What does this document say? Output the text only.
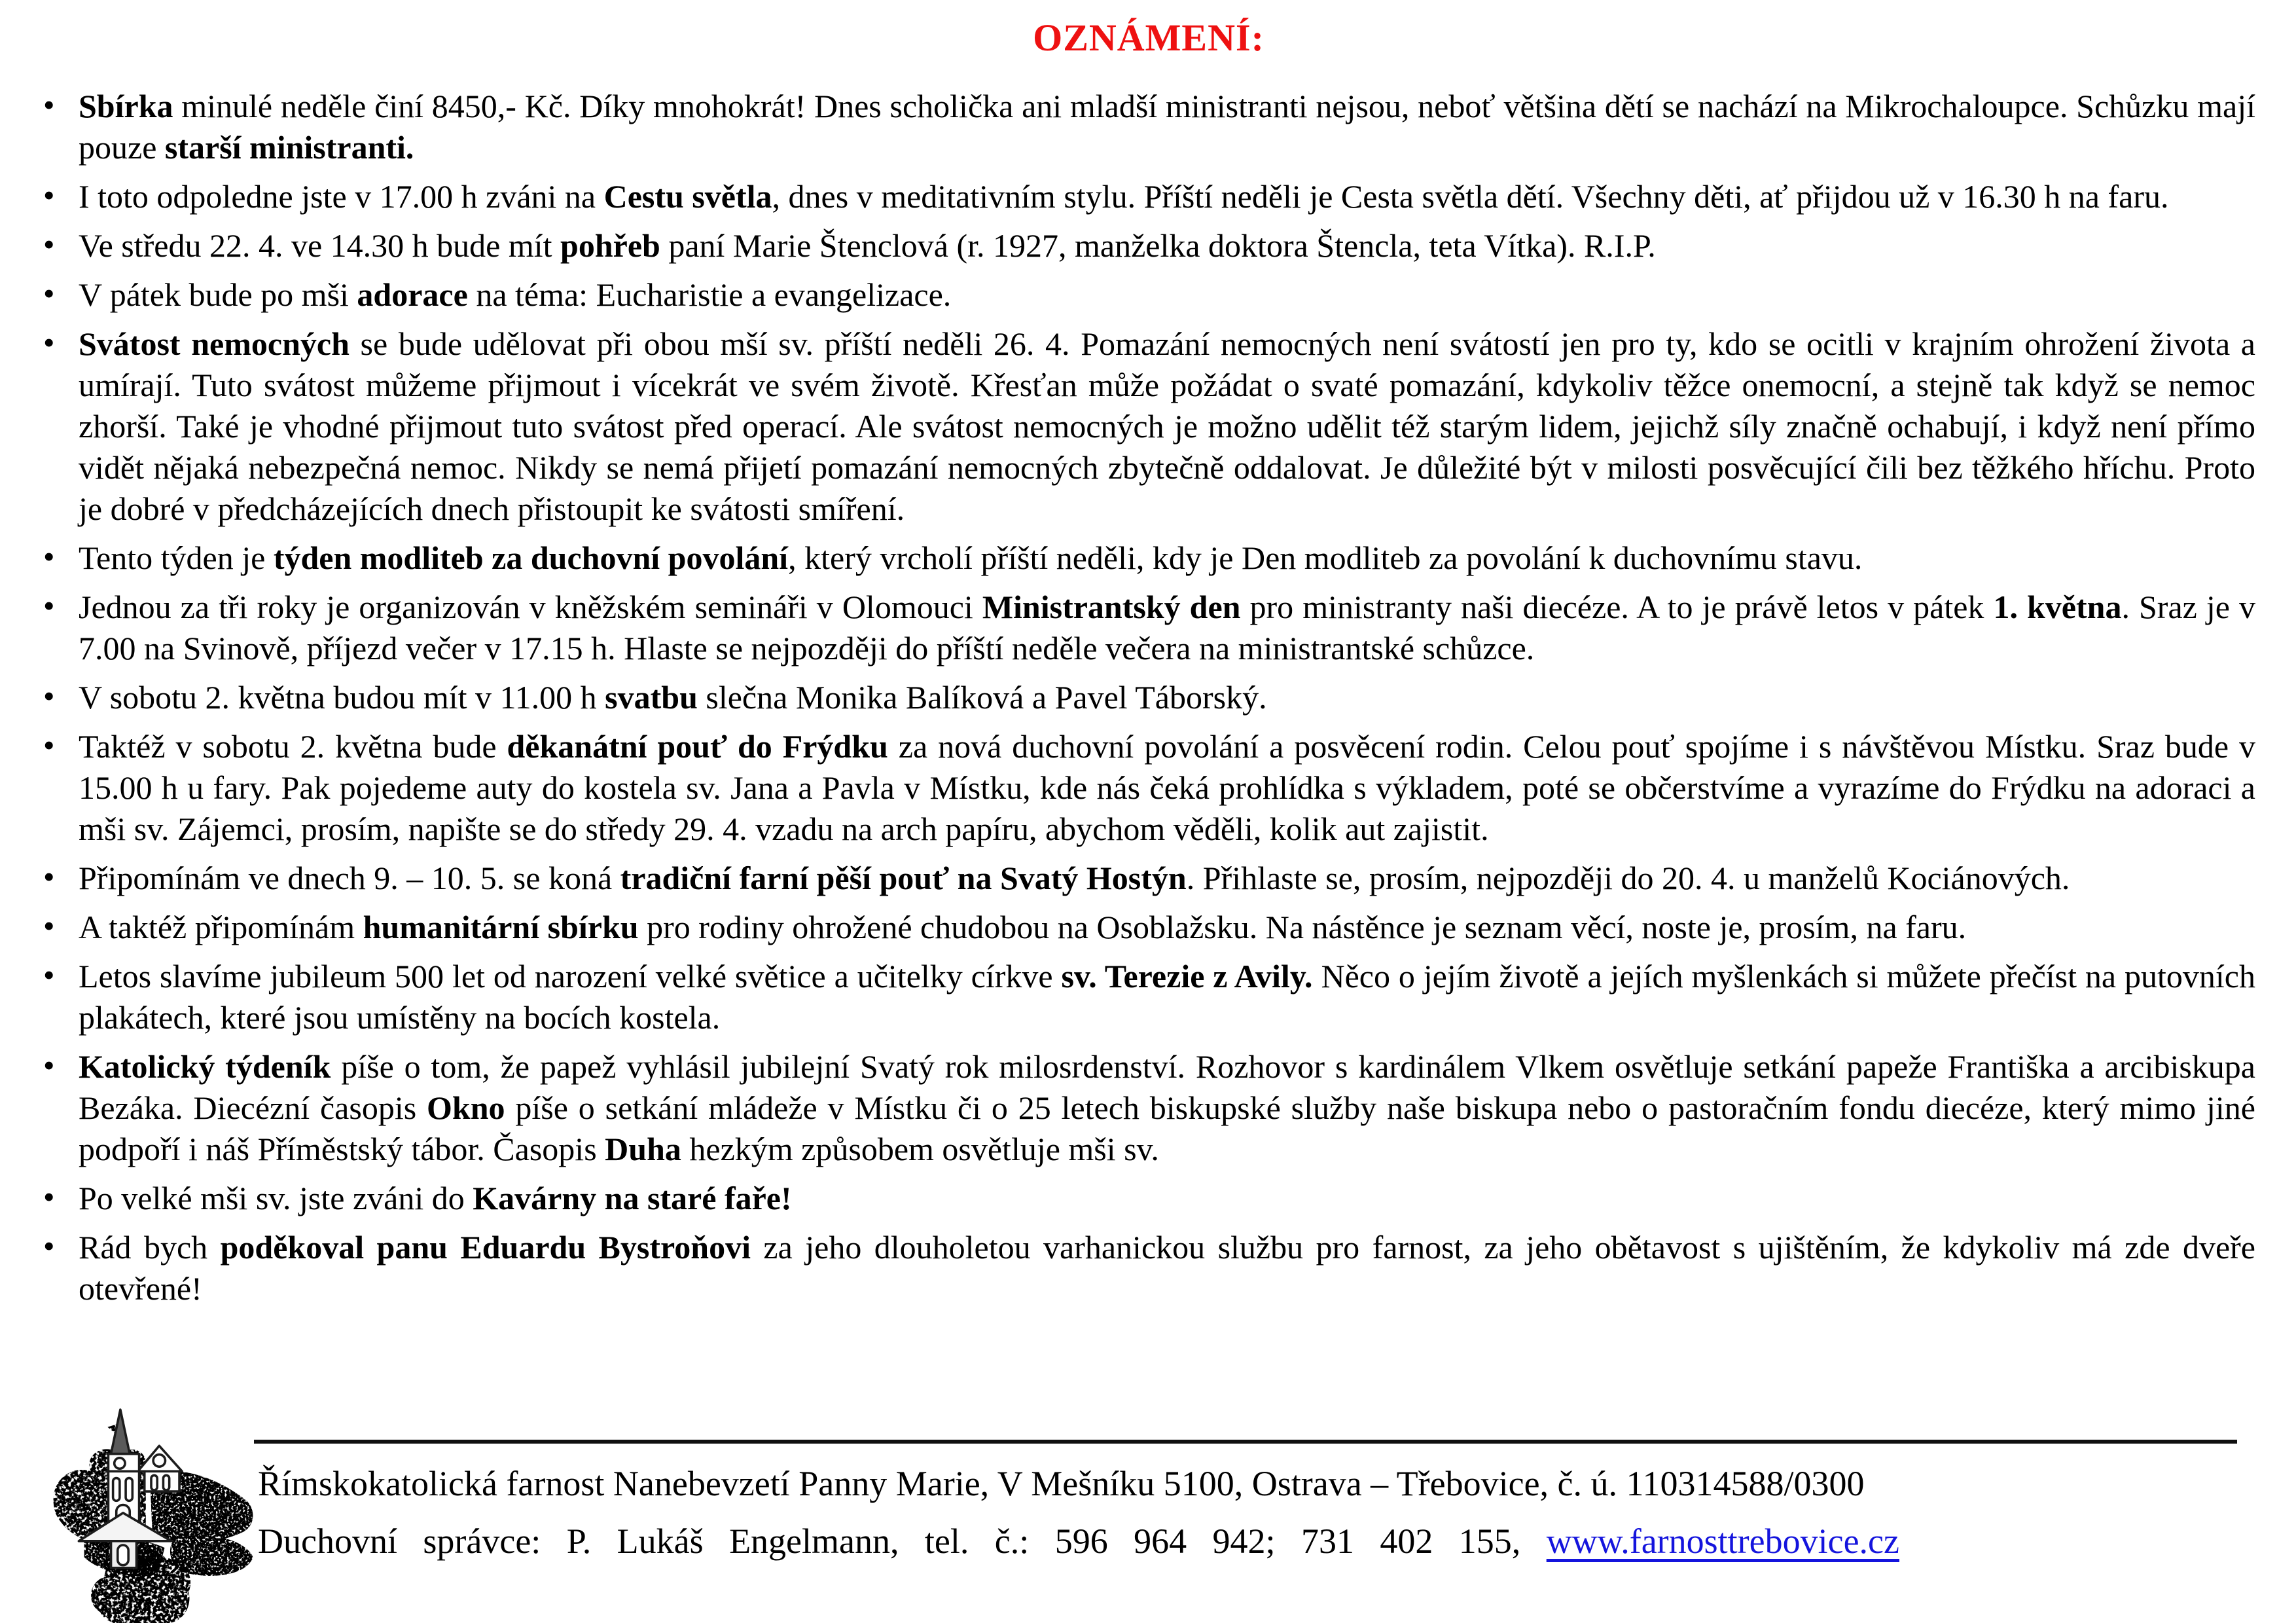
OZNÁMENÍ:
• Sbírka minulé neděle činí 8450,- Kč. Díky mnohokrát! Dnes scholička ani mladší ministranti nejsou, neboť většina dětí se nachází na Mikrochaloupce. Schůzku mají pouze starší ministranti.
• I toto odpoledne jste v 17.00 h zváni na Cestu světla, dnes v meditativním stylu. Příští neděli je Cesta světla dětí. Všechny děti, ať přijdou už v 16.30 h na faru.
• Ve středu 22. 4. ve 14.30 h bude mít pohřeb paní Marie Štenclová (r. 1927, manželka doktora Štencla, teta Vítka). R.I.P.
• V pátek bude po mši adorace na téma: Eucharistie a evangelizace.
• Svátost nemocných se bude udělovat při obou mší sv. příští neděli 26. 4. Pomazání nemocných není svátostí jen pro ty, kdo se ocitli v krajním ohrožení života a umírají. Tuto svátost můžeme přijmout i vícekrát ve svém životě. Křesťan může požádat o svaté pomazání, kdykoliv těžce onemocní, a stejně tak když se nemoc zhorší. Také je vhodné přijmout tuto svátost před operací. Ale svátost nemocných je možno udělit též starým lidem, jejichž síly značně ochabují, i když není přímo vidět nějaká nebezpečná nemoc. Nikdy se nemá přijetí pomazání nemocných zbytečně oddalovat. Je důležité být v milosti posvěcující čili bez těžkého hříchu. Proto je dobré v předcházejících dnech přistoupit ke svátosti smíření.
• Tento týden je týden modliteb za duchovní povolání, který vrcholí příští neděli, kdy je Den modliteb za povolání k duchovnímu stavu.
• Jednou za tři roky je organizován v kněžském semináři v Olomouci Ministrantský den pro ministranty naši diecéze. A to je právě letos v pátek 1. května. Sraz je v 7.00 na Svinově, příjezd večer v 17.15 h. Hlaste se nejpozději do příští neděle večera na ministrantské schůzce.
• V sobotu 2. května budou mít v 11.00 h svatbu slečna Monika Balíková a Pavel Táborský.
• Taktéž v sobotu 2. května bude děkanátní pouť do Frýdku za nová duchovní povolání a posvěcení rodin. Celou pouť spojíme i s návštěvou Místku. Sraz bude v 15.00 h u fary. Pak pojedeme auty do kostela sv. Jana a Pavla v Místku, kde nás čeká prohlídka s výkladem, poté se občerstvíme a vyrazíme do Frýdku na adoraci a mši sv. Zájemci, prosím, napište se do středy 29. 4. vzadu na arch papíru, abychom věděli, kolik aut zajistit.
• Připomínám ve dnech 9. – 10. 5. se koná tradiční farní pěší pouť na Svatý Hostýn. Přihlaste se, prosím, nejpozději do 20. 4. u manželů Kociánových.
• A taktéž připomínám humanitární sbírku pro rodiny ohrožené chudobou na Osoblažsku. Na nástěnce je seznam věcí, noste je, prosím, na faru.
• Letos slavíme jubileum 500 let od narození velké světice a učitelky církve sv. Terezie z Avily. Něco o jejím životě a jejích myšlenkách si můžete přečíst na putovních plakátech, které jsou umístěny na bocích kostela.
• Katolický týdeník píše o tom, že papež vyhlásil jubilejní Svatý rok milosrdenství. Rozhovor s kardinálem Vlkem osvětluje setkání papeže Františka a arcibiskupa Bezáka. Diecézní časopis Okno píše o setkání mládeže v Místku či o 25 letech biskupské služby naše biskupa nebo o pastoračním fondu diecéze, který mimo jiné podpoří i náš Příměstský tábor. Časopis Duha hezkým způsobem osvětluje mši sv.
• Po velké mši sv. jste zváni do Kavárny na staré faře!
• Rád bych poděkoval panu Eduardu Bystroňovi za jeho dlouholetou varhanickou službu pro farnost, za jeho obětavost s ujištěním, že kdykoliv má zde dveře otevřené!

Římskokatolická farnost Nanebevzetí Panny Marie, V Mešníku 5100, Ostrava – Třebovice, č. ú. 110314588/0300

Duchovní správce: P. Lukáš Engelmann, tel. č.: 596 964 942; 731 402 155, www.farnosttrebovice.cz
